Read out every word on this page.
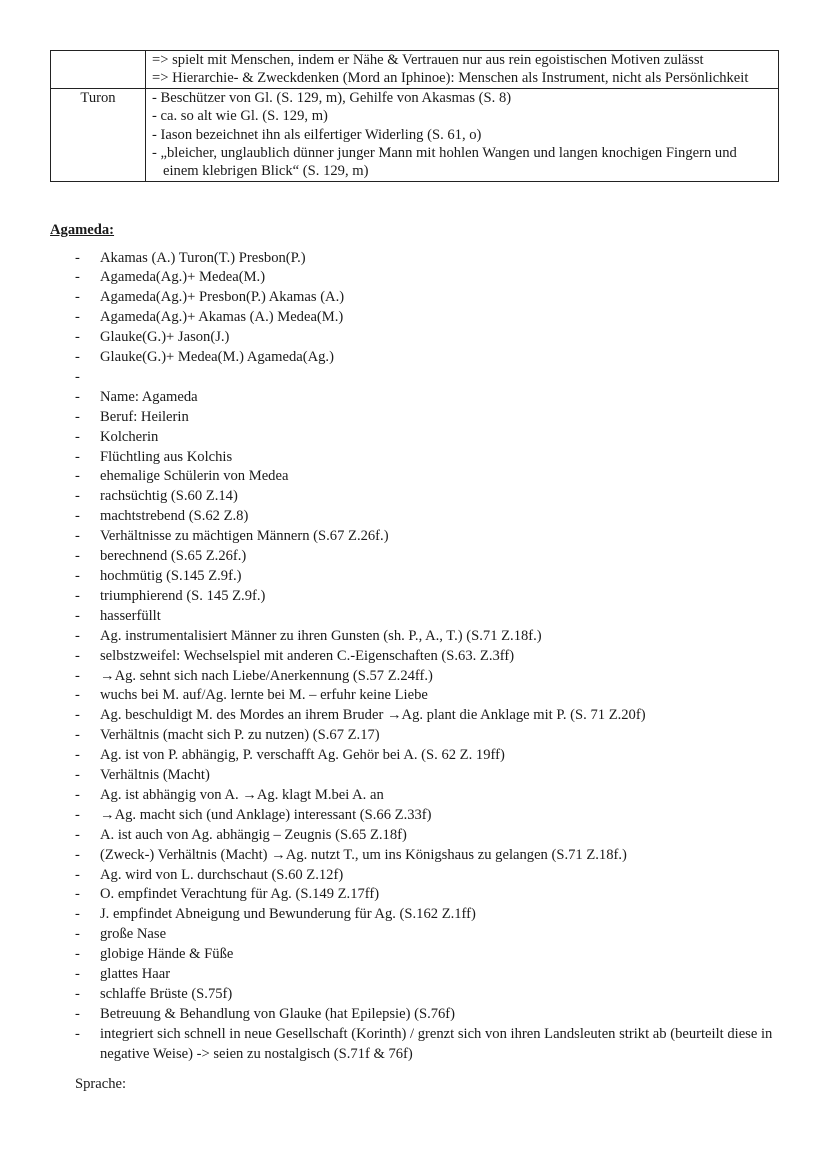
	=> spielt mit Menschen, indem er Nähe & Vertrauen nur aus rein egoistischen Motiven zulässt

=> Hierarchie- & Zweckdenken (Mord an Iphinoe): Menschen als Instrument, nicht als Persönlichkeit

Turon	- Beschützer von Gl. (S. 129, m), Gehilfe von Akasmas (S. 8)

- ca. so alt wie Gl. (S. 129, m)

- Iason bezeichnet ihn als eilfertiger Widerling (S. 61, o)

- „bleicher, unglaublich dünner junger Mann mit hohlen Wangen und langen knochigen Fingern und einem klebrigen Blick“ (S. 129, m)

Agameda:
- Akamas (A.) Turon(T.) Presbon(P.)
- Agameda(Ag.)+ Medea(M.)
- Agameda(Ag.)+ Presbon(P.) Akamas (A.)
- Agameda(Ag.)+ Akamas (A.) Medea(M.)
- Glauke(G.)+ Jason(J.)
- Glauke(G.)+ Medea(M.) Agameda(Ag.)
-
- Name: Agameda
- Beruf: Heilerin
- Kolcherin
- Flüchtling aus Kolchis
- ehemalige Schülerin von Medea
- rachsüchtig (S.60 Z.14)
- machtstrebend (S.62 Z.8)
- Verhältnisse zu mächtigen Männern (S.67 Z.26f.)
- berechnend (S.65 Z.26f.)
- hochmütig (S.145 Z.9f.)
- triumphierend (S. 145 Z.9f.)
- hasserfüllt
- Ag. instrumentalisiert Männer zu ihren Gunsten (sh. P., A., T.) (S.71 Z.18f.)
- selbstzweifel: Wechselspiel mit anderen C.-Eigenschaften (S.63. Z.3ff)
- →Ag. sehnt sich nach Liebe/Anerkennung (S.57 Z.24ff.)
- wuchs bei M. auf/Ag. lernte bei M. – erfuhr keine Liebe
- Ag. beschuldigt M. des Mordes an ihrem Bruder →Ag. plant die Anklage mit P. (S. 71 Z.20f)
- Verhältnis (macht sich P. zu nutzen) (S.67 Z.17)
- Ag. ist von P. abhängig, P. verschafft Ag. Gehör bei A. (S. 62 Z. 19ff)
- Verhältnis (Macht)
- Ag. ist abhängig von A. →Ag. klagt M.bei A. an
- →Ag. macht sich (und Anklage) interessant (S.66 Z.33f)
- A. ist auch von Ag. abhängig – Zeugnis (S.65 Z.18f)
- (Zweck-) Verhältnis (Macht) →Ag. nutzt T., um ins Königshaus zu gelangen (S.71 Z.18f.)
- Ag. wird von L. durchschaut (S.60 Z.12f)
- O. empfindet Verachtung für Ag. (S.149 Z.17ff)
- J. empfindet Abneigung und Bewunderung für Ag. (S.162 Z.1ff)
- große Nase
- globige Hände & Füße
- glattes Haar
- schlaffe Brüste (S.75f)
- Betreuung & Behandlung von Glauke (hat Epilepsie) (S.76f)
- integriert sich schnell in neue Gesellschaft (Korinth) / grenzt sich von ihren Landsleuten strikt ab (beurteilt diese in negative Weise) -> seien zu nostalgisch (S.71f & 76f)

Sprache:
